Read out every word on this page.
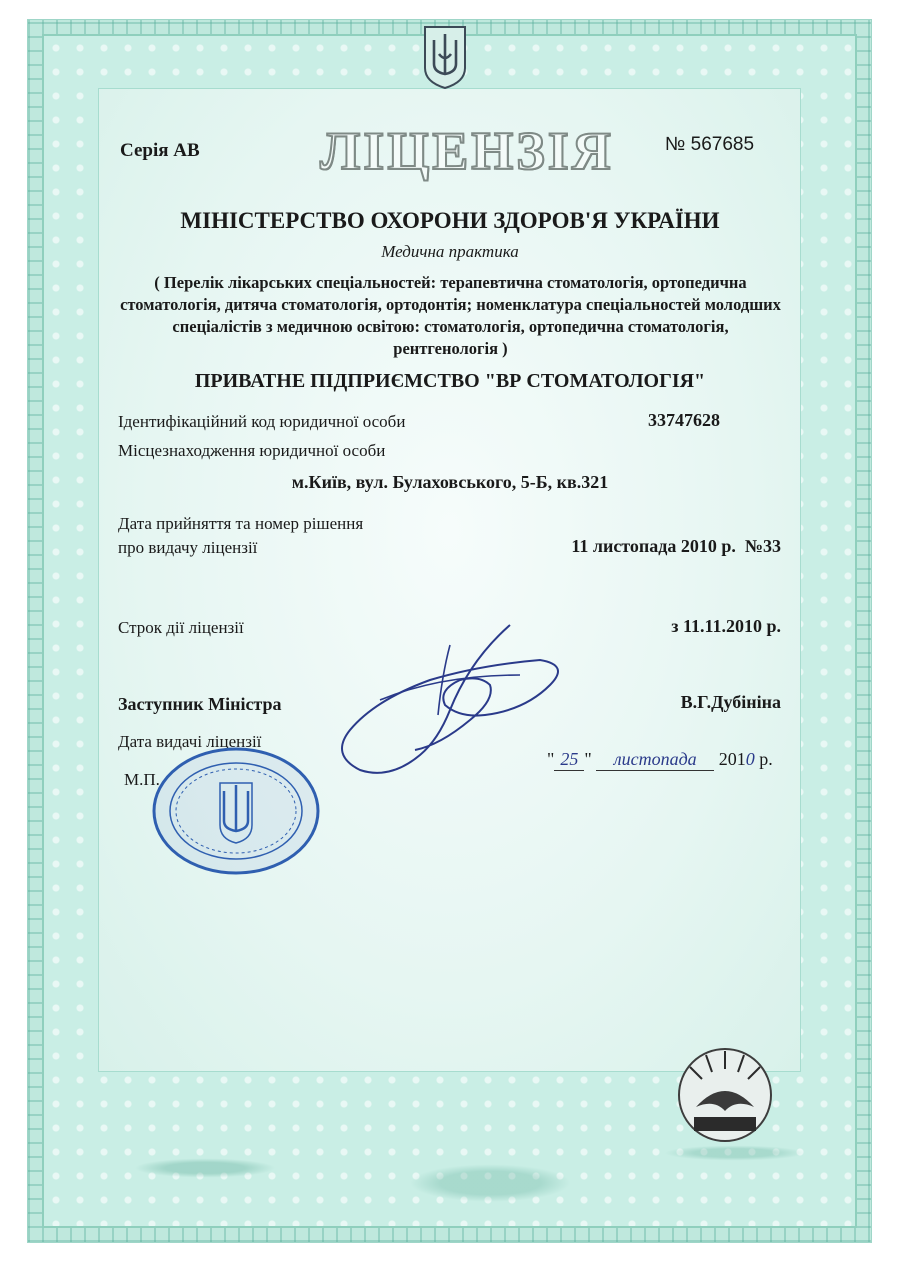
Серія АВ ЛІЦЕНЗІЯ	№ 567685
МІНІСТЕРСТВО ОХОРОНИ ЗДОРОВ'Я УКРАЇНИ
Медична практика
( Перелік лікарських спеціальностей: терапевтична стоматологія, ортопедична стоматологія, дитяча стоматологія, ортодонтія; номенклатура спеціальностей молодших спеціалістів з медичною освітою: стоматологія, ортопедична стоматологія, рентгенологія )
ПРИВАТНЕ ПІДПРИЄМСТВО "ВР СТОМАТОЛОГІЯ"
Ідентифікаційний код юридичної особи	33747628
Місцезнаходження юридичної особи
м.Київ, вул. Булаховського, 5-Б, кв.321
Дата прийняття та номер рішення
про видачу ліцензії	11 листопада 2010 р.  №33
Строк дії ліцензії	з 11.11.2010 р.
Заступник Міністра	В.Г.Дубініна
Дата видачі ліцензії

" 25 " листопада 2010 р.

М.П.
